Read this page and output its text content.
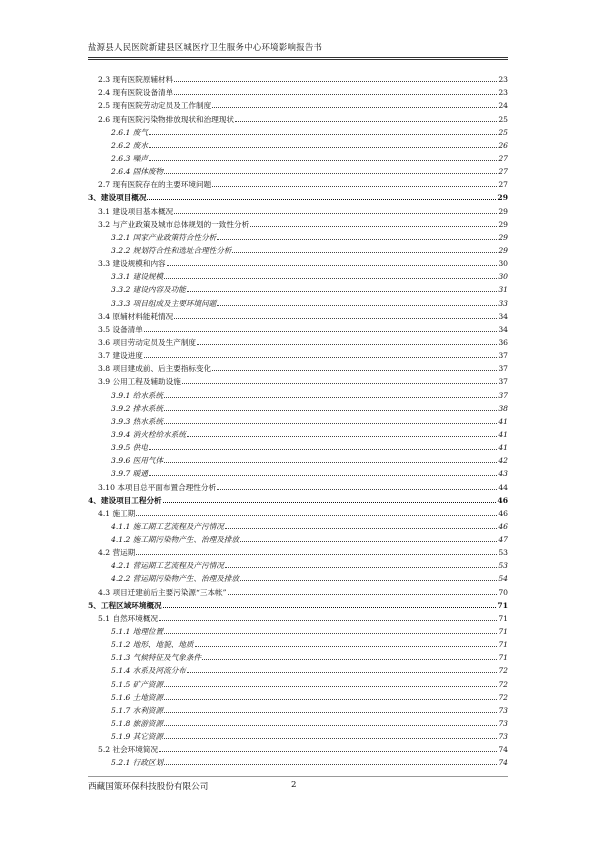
盐源县人民医院新建县区城医疗卫生服务中心环境影响报告书
2.3 现有医院原辅材料	23
2.4 现有医院设备清单	23
2.5 现有医院劳动定员及工作制度	24
2.6 现有医院污染物排放现状和治理现状	25
2.6.1 废气	25
2.6.2 废水	26
2.6.3 噪声	27
2.6.4 固体废物	27
2.7 现有医院存在的主要环境问题	27
3、建设项目概况	29
3.1 建设项目基本概况	29
3.2 与产业政策及城市总体规划的一致性分析	29
3.2.1 国家产业政策符合性分析	29
3.2.2 规划符合性和选址合理性分析	29
3.3 建设规模和内容	30
3.3.1 建设规模	30
3.3.2 建设内容及功能	31
3.3.3 项目组成及主要环境问题	33
3.4 原辅材料能耗情况	34
3.5 设备清单	34
3.6 项目劳动定员及生产制度	36
3.7 建设进度	37
3.8 项目建成前、后主要指标变化	37
3.9 公用工程及辅助设施	37
3.9.1 给水系统	37
3.9.2 排水系统	38
3.9.3 热水系统	41
3.9.4 消火栓给水系统	41
3.9.5 供电	41
3.9.6 医用气体	42
3.9.7 暖通	43
3.10 本项目总平面布置合理性分析	44
4、建设项目工程分析	46
4.1 施工期	46
4.1.1 施工期工艺流程及产污情况	46
4.1.2 施工期污染物产生、治理及排放	47
4.2 营运期	53
4.2.1 营运期工艺流程及产污情况	53
4.2.2 营运期污染物产生、治理及排放	54
4.3 项目迁建前后主要污染源“三本帐”	70
5、工程区域环境概况	71
5.1 自然环境概况	71
5.1.1 地理位置	71
5.1.2 地形、地貌、地质	71
5.1.3 气候特征及气象条件	71
5.1.4 水系及河流分布	72
5.1.5 矿产资源	72
5.1.6 土地资源	72
5.1.7 水利资源	73
5.1.8 旅游资源	73
5.1.9 其它资源	73
5.2 社会环境简况	74
5.2.1 行政区划	74
西藏国策环保科技股份有限公司	2
